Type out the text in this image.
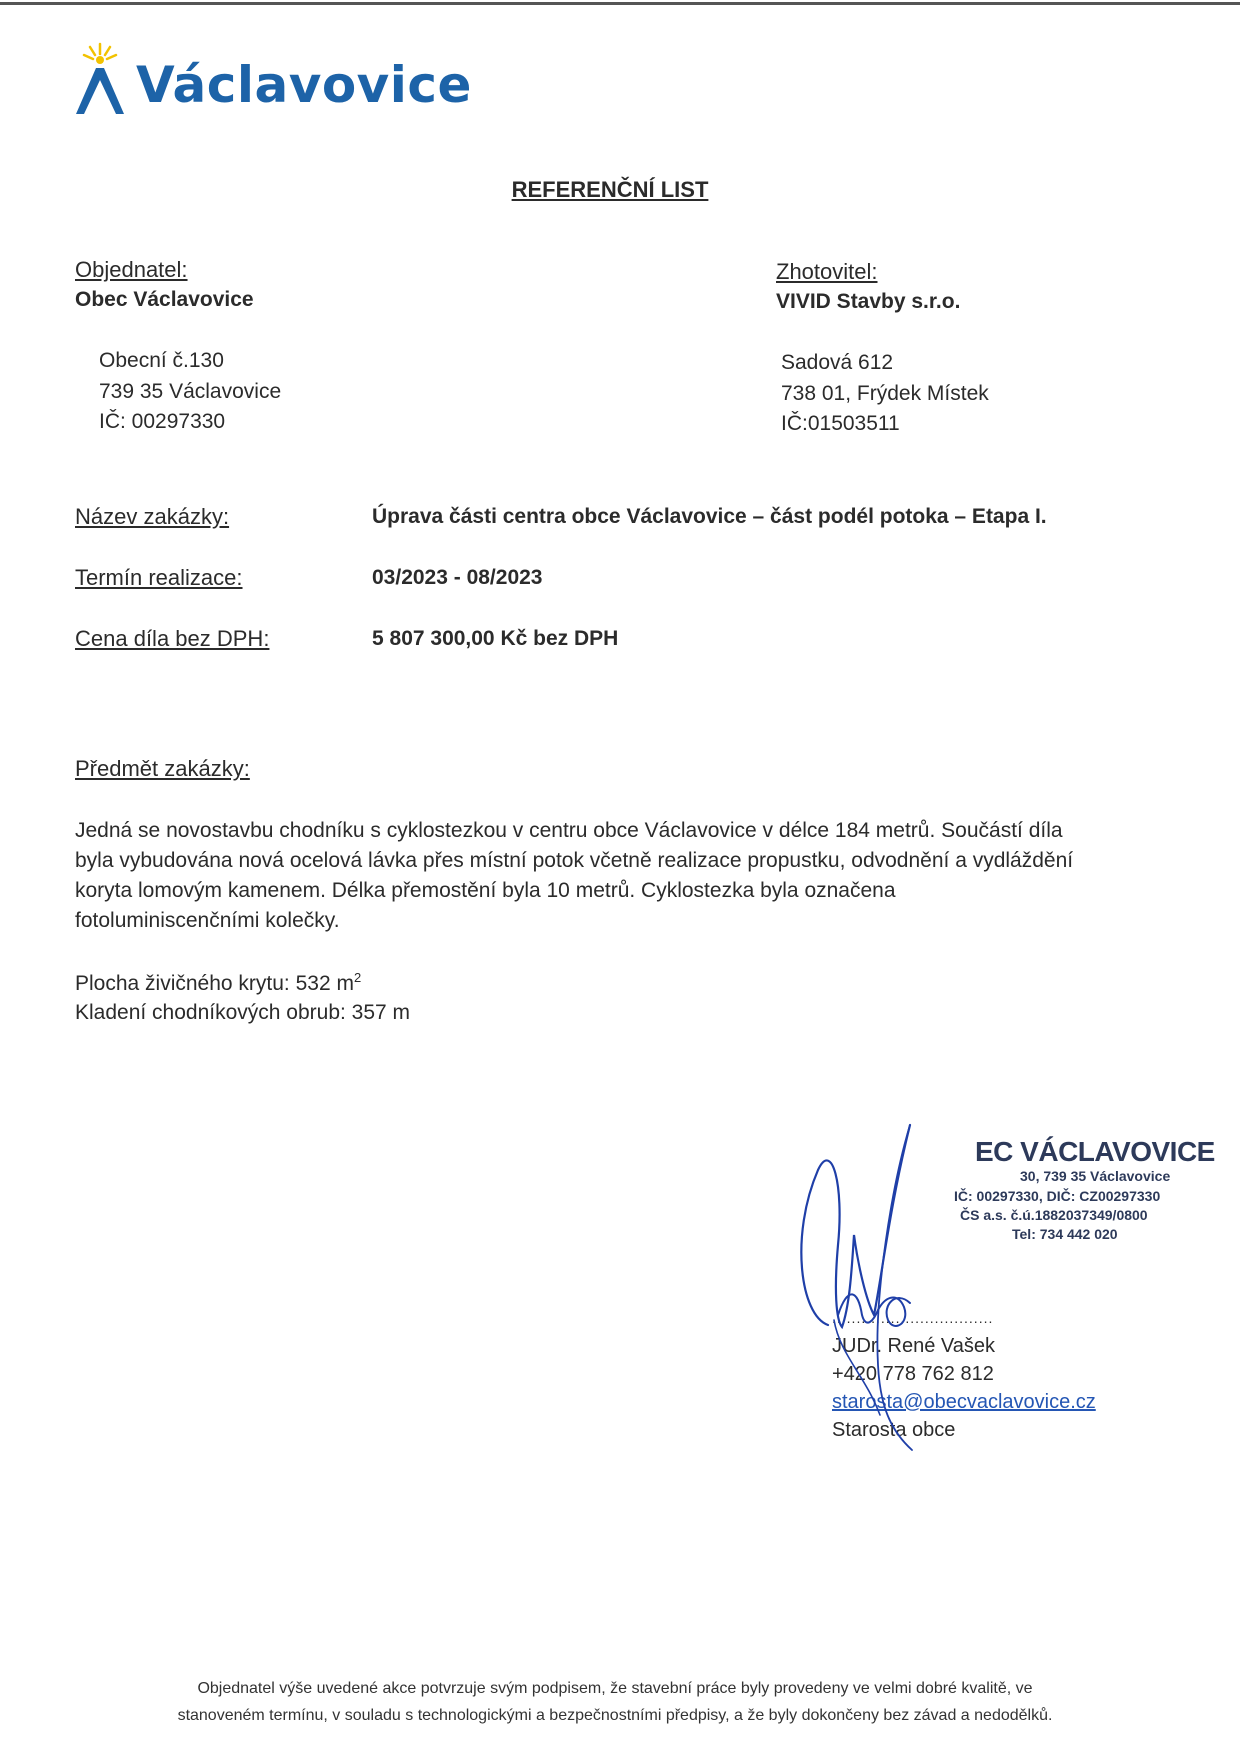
Václavovice
REFERENČNÍ LIST
Objednatel:
Obec Václavovice
Obecní č.130
739 35 Václavovice
IČ: 00297330
Zhotovitel:
VIVID Stavby s.r.o.
Sadová 612
738 01, Frýdek Místek
IČ:01503511
Název zakázky:	Úprava části centra obce Václavovice – část podél potoka – Etapa I.
Termín realizace:	03/2023 - 08/2023
Cena díla bez DPH:	5 807 300,00 Kč bez DPH
Předmět zakázky:
Jedná se novostavbu chodníku s cyklostezkou v centru obce Václavovice v délce 184 metrů. Součástí díla
byla vybudována nová ocelová lávka přes místní potok včetně realizace propustku, odvodnění a vydláždění
koryta lomovým kamenem. Délka přemostění byla 10 metrů. Cyklostezka byla označena
fotoluminiscenčními kolečky.
Plocha živičného krytu: 532 $m^2$
Kladení chodníkových obrub: 357 m
EC VÁCLAVOVICE
30, 739 35 Václavovice
IČ: 00297330, DIČ: CZ00297330
ČS a.s. č.ú.1882037349/0800
Tel: 734 442 020
.................................
JUDr. René Vašek
+420 778 762 812
starosta@obecvaclavovice.cz
Starosta obce
Objednatel výše uvedené akce potvrzuje svým podpisem, že stavební práce byly provedeny ve velmi dobré kvalitě, ve
stanoveném termínu, v souladu s technologickými a bezpečnostními předpisy, a že byly dokončeny bez závad a nedodělků.
